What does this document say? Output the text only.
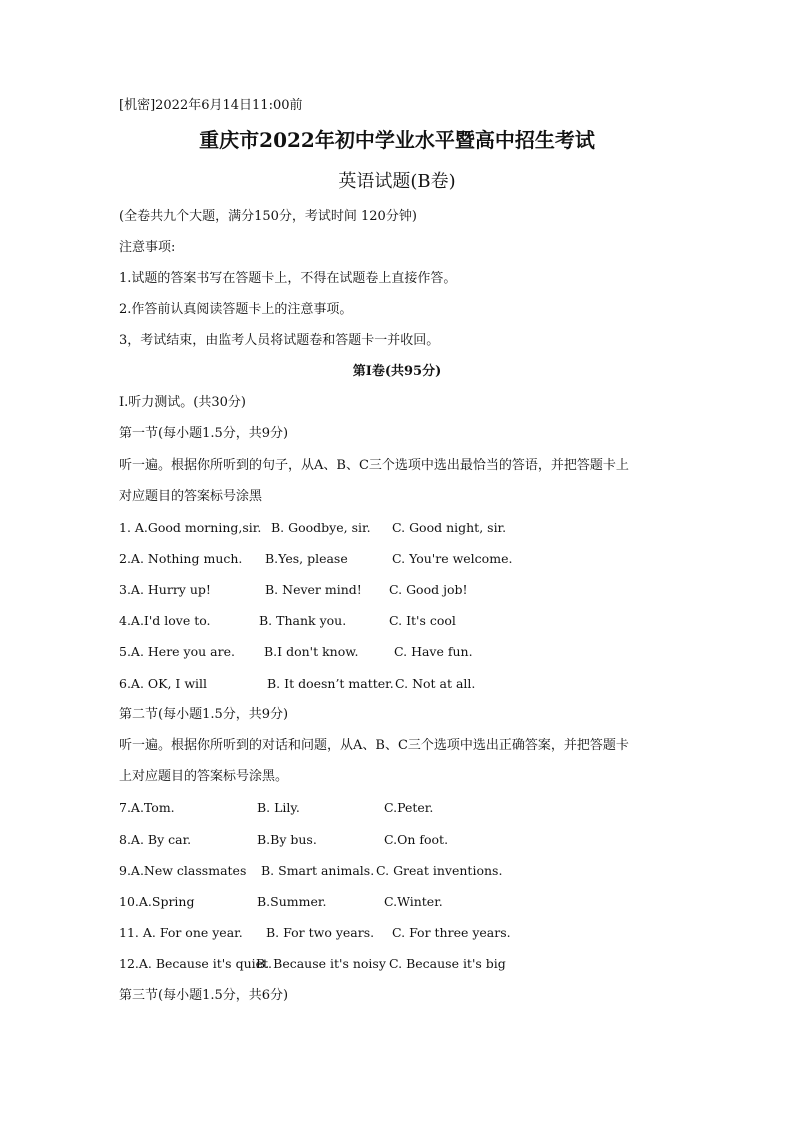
[机密]2022年6月14日11:00前
重庆市2022年初中学业水平暨高中招生考试
英语试题(B卷)
(全卷共九个大题，满分150分，考试时间 120分钟)
注意事项:
1.试题的答案书写在答题卡上，不得在试题卷上直接作答。
2.作答前认真阅读答题卡上的注意事项。
3，考试结束，由监考人员将试题卷和答题卡一并收回。
第I卷(共95分)
I.听力测试。(共30分)
第一节(每小题1.5分，共9分)
听一遍。根据你所听到的句子，从A、B、C三个选项中选出最恰当的答语，并把答题卡上
对应题目的答案标号涂黑
1. A.Good morning,sir. B. Goodbye, sir. C. Good night, sir.
2.A. Nothing much. B.Yes, please	C. You're welcome.
3.A. Hurry up!	B. Never mind! C. Good job!
4.A.I'd love to.	B. Thank you.	C. It's cool
5.A. Here you are. B.I don't know.	C. Have fun.
6.A. OK, I will	B. It doesn’t matter. C. Not at all.
第二节(每小题1.5分，共9分)
听一遍。根据你所听到的对话和问题，从A、B、C三个选项中选出正确答案，并把答题卡
上对应题目的答案标号涂黑。
7.A.Tom.	B. Lily.	C.Peter.
8.A. By car.	B.By bus.	C.On foot.
9.A.New classmates B. Smart animals. C. Great inventions.
10.A.Spring	B.Summer.	C.Winter.
11. A. For one year. B. For two years. C. For three years.
12.A. Because it's quiet.
B. Because it's noisy C. Because it's big
第三节(每小题1.5分，共6分)
